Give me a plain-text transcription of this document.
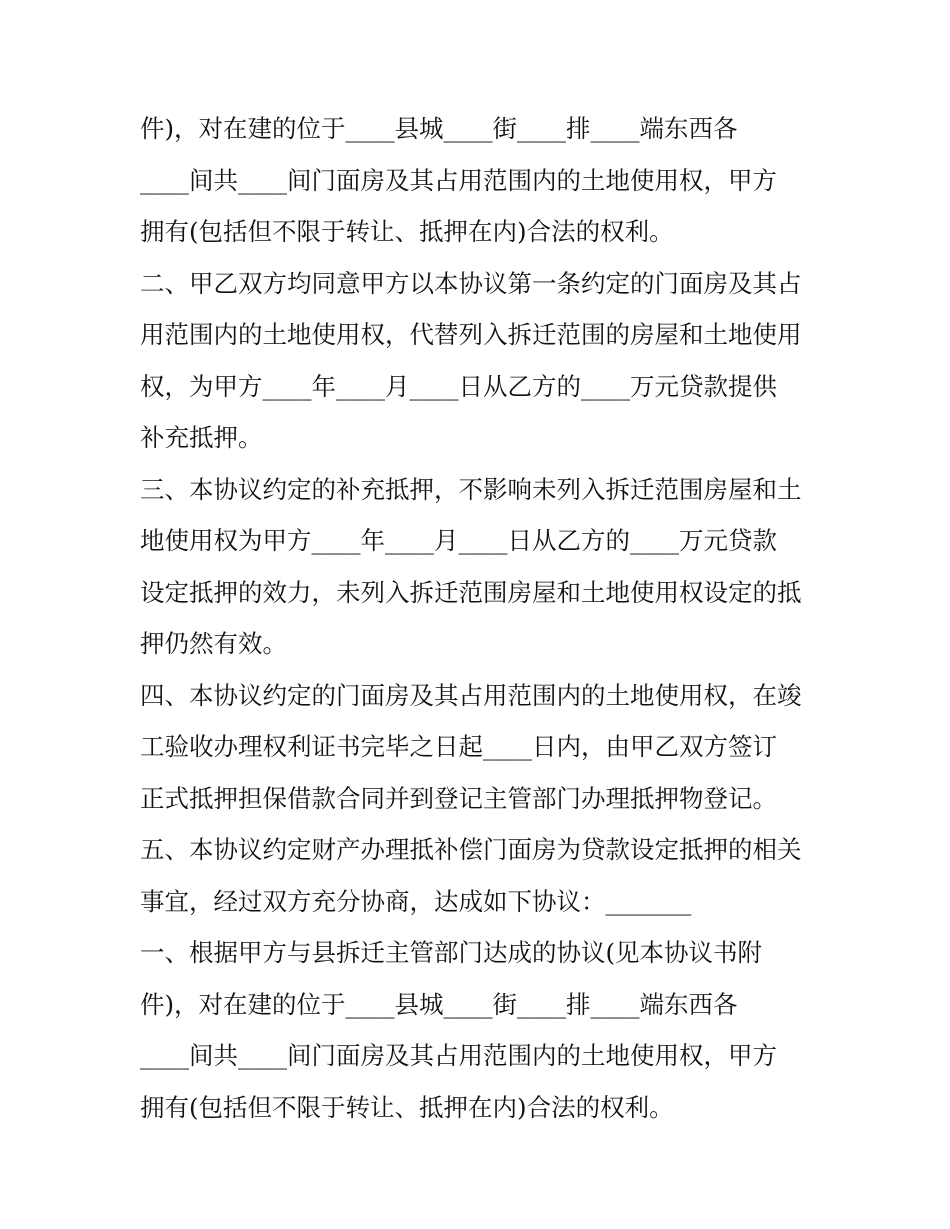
件)，对在建的位于____县城____街____排____端东西各
____间共____间门面房及其占用范围内的土地使用权，甲方
拥有(包括但不限于转让、抵押在内)合法的权利。
二、甲乙双方均同意甲方以本协议第一条约定的门面房及其占
用范围内的土地使用权，代替列入拆迁范围的房屋和土地使用
权，为甲方____年____月____日从乙方的____万元贷款提供
补充抵押。
三、本协议约定的补充抵押，不影响未列入拆迁范围房屋和土
地使用权为甲方____年____月____日从乙方的____万元贷款
设定抵押的效力，未列入拆迁范围房屋和土地使用权设定的抵
押仍然有效。
四、本协议约定的门面房及其占用范围内的土地使用权，在竣
工验收办理权利证书完毕之日起____日内，由甲乙双方签订
正式抵押担保借款合同并到登记主管部门办理抵押物登记。
五、本协议约定财产办理抵补偿门面房为贷款设定抵押的相关
事宜，经过双方充分协商，达成如下协议：_______
一、根据甲方与县拆迁主管部门达成的协议(见本协议书附
件)，对在建的位于____县城____街____排____端东西各
____间共____间门面房及其占用范围内的土地使用权，甲方
拥有(包括但不限于转让、抵押在内)合法的权利。
